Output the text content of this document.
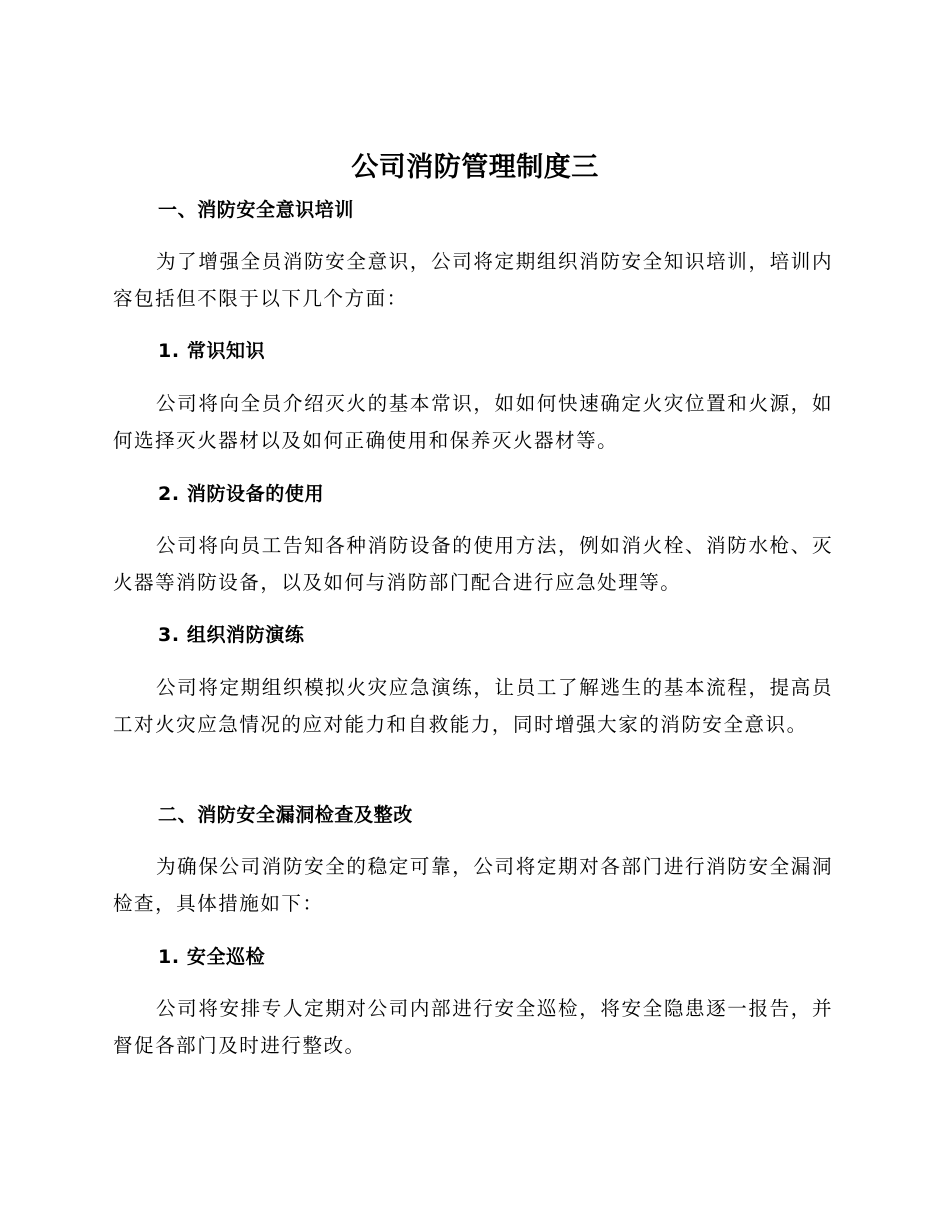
公司消防管理制度三
一、消防安全意识培训
为了增强全员消防安全意识，公司将定期组织消防安全知识培训，培训内容包括但不限于以下几个方面：
1. 常识知识
公司将向全员介绍灭火的基本常识，如如何快速确定火灾位置和火源，如何选择灭火器材以及如何正确使用和保养灭火器材等。
2. 消防设备的使用
公司将向员工告知各种消防设备的使用方法，例如消火栓、消防水枪、灭火器等消防设备，以及如何与消防部门配合进行应急处理等。
3. 组织消防演练
公司将定期组织模拟火灾应急演练，让员工了解逃生的基本流程，提高员工对火灾应急情况的应对能力和自救能力，同时增强大家的消防安全意识。
二、消防安全漏洞检查及整改
为确保公司消防安全的稳定可靠，公司将定期对各部门进行消防安全漏洞检查，具体措施如下：
1. 安全巡检
公司将安排专人定期对公司内部进行安全巡检，将安全隐患逐一报告，并督促各部门及时进行整改。
